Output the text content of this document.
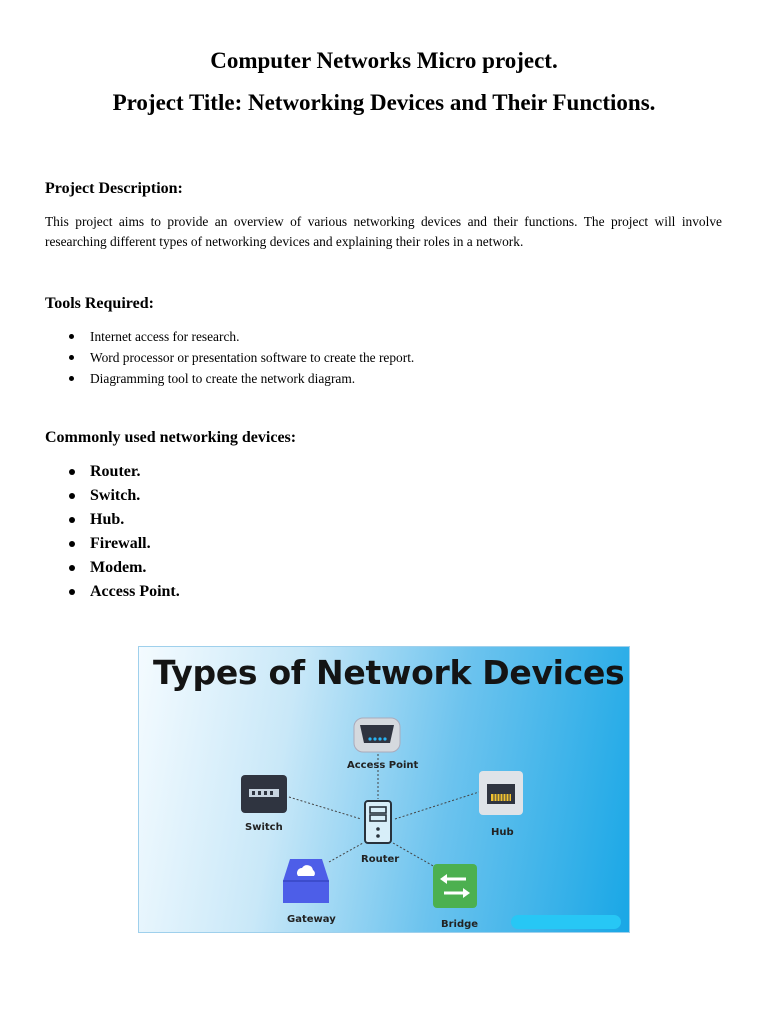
Computer Networks Micro project.
Project Title: Networking Devices and Their Functions.
Project Description:

This project aims to provide an overview of various networking devices and their functions. The project will involve researching different types of networking devices and explaining their roles in a network.

Tools Required:
Internet access for research.
Word processor or presentation software to create the report.
Diagramming tool to create the network diagram.
Commonly used networking devices:
Router.
Switch.
Hub.
Firewall.
Modem.
Access Point.
Types of Network Devices
Access Point
Switch	Hub
Router
Gateway	Bridge
